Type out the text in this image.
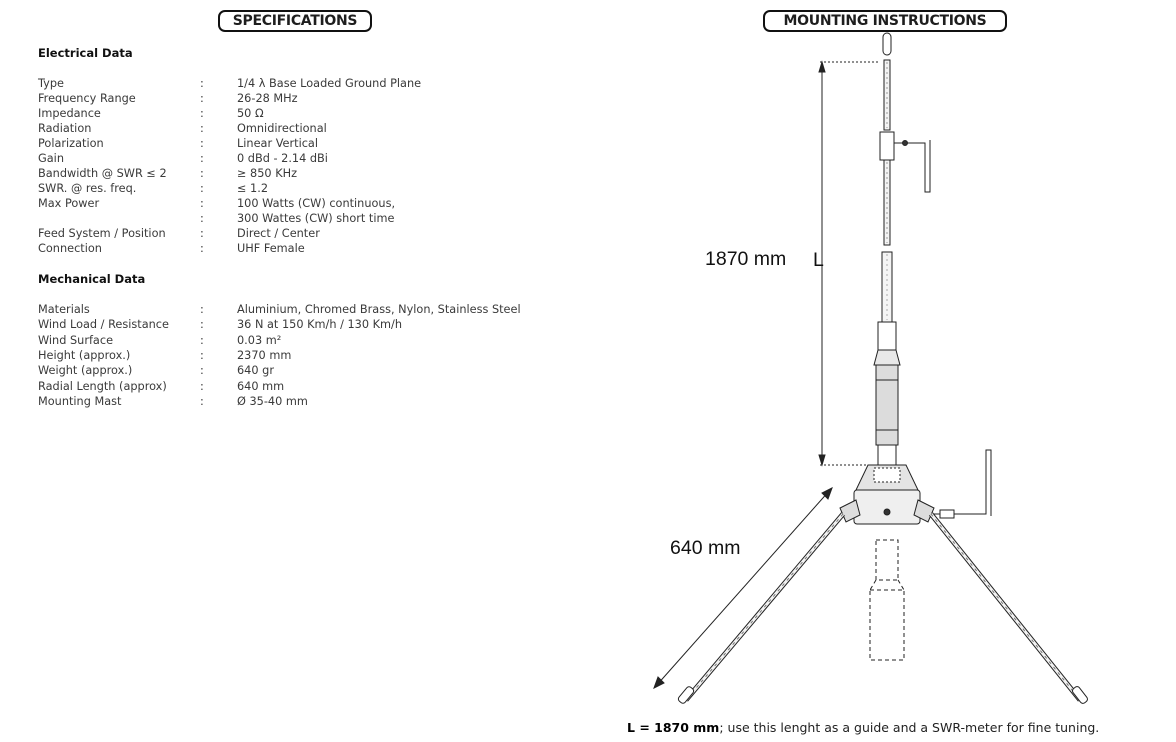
SPECIFICATIONS	MOUNTING INSTRUCTIONS
Electrical Data
Type	:	1/4 λ Base Loaded Ground Plane
Frequency Range	:	26-28 MHz
Impedance	:	50 Ω
Radiation	:	Omnidirectional
Polarization	:	Linear Vertical
Gain	:	0 dBd - 2.14 dBi
Bandwidth @ SWR ≤ 2	:	≥ 850 KHz
SWR. @ res. freq.	:	≤ 1.2
Max Power	:	100 Watts (CW) continuous,
:	300 Wattes (CW) short time
Feed System / Position	:	Direct / Center
Connection	:	UHF Female
Mechanical Data
Materials	:	Aluminium, Chromed Brass, Nylon, Stainless Steel
Wind Load / Resistance	:	36 N at 150 Km/h / 130 Km/h
Wind Surface	:	0.03 m²
Height (approx.)	:	2370 mm
Weight (approx.)	:	640 gr
Radial Length (approx)	:	640 mm
Mounting Mast	:	Ø 35-40 mm
1870 mm L
640 mm
L = 1870 mm; use this lenght as a guide and a SWR-meter for fine tuning.
